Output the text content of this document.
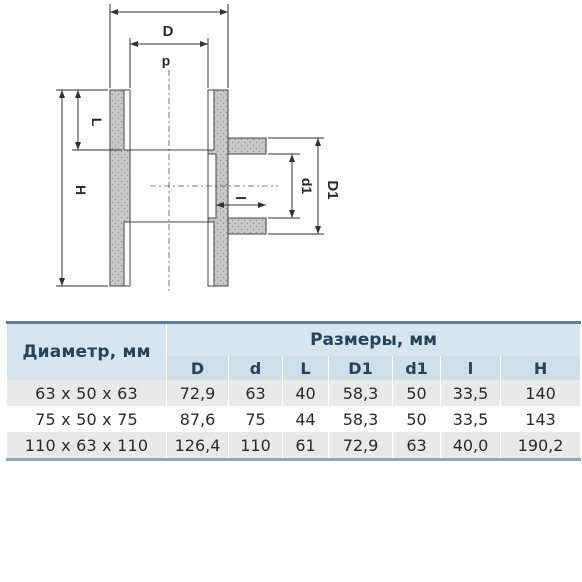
D
d
H
L
d1 D1
l
Диаметр, мм	Размеры, мм						
	D	d	L	D1	d1	l	H
63 x 50 x 63	72,9	63	40	58,3	50	33,5	140
75 x 50 x 75	87,6	75	44	58,3	50	33,5	143
110 x 63 x 110	126,4	110	61	72,9	63	40,0	190,2
